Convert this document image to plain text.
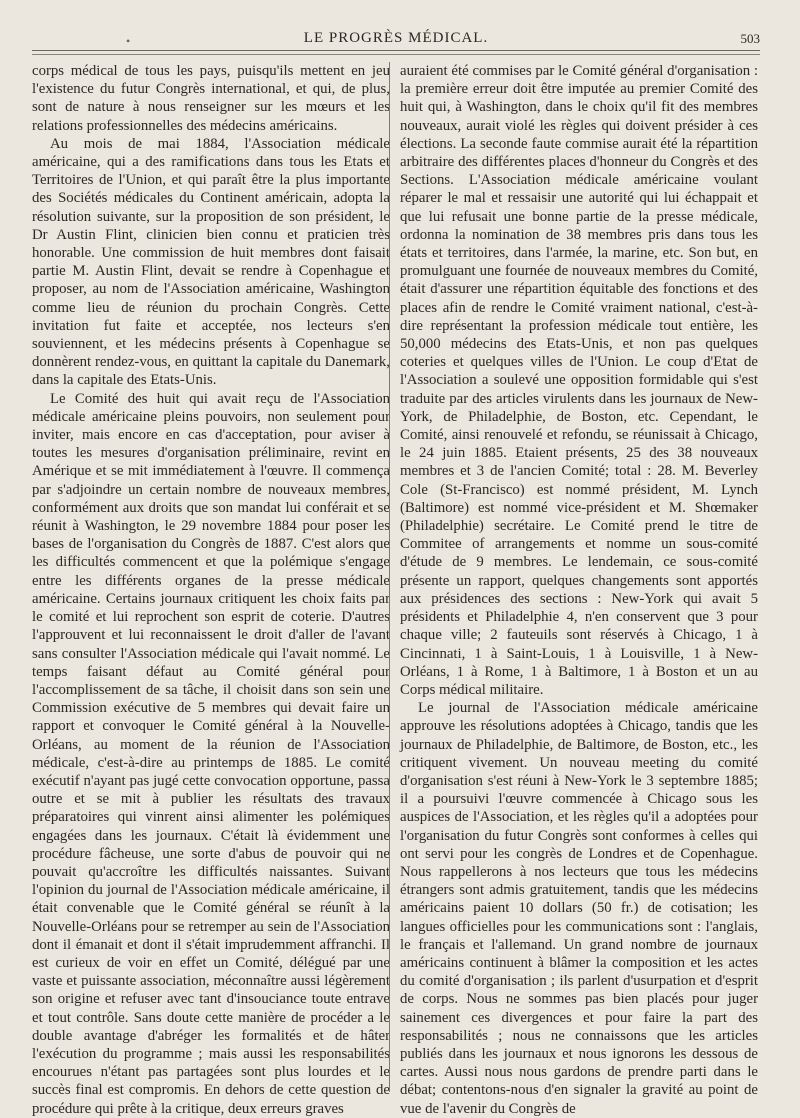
•	LE PROGRÈS MÉDICAL.	503

corps médical de tous les pays, puisqu'ils mettent en jeu l'existence du futur Congrès international, et qui, de plus, sont de nature à nous renseigner sur les mœurs et les relations professionnelles des médecins américains.

Au mois de mai 1884, l'Association médicale américaine, qui a des ramifications dans tous les Etats et Territoires de l'Union, et qui paraît être la plus importante des Sociétés médicales du Continent américain, adopta la résolution suivante, sur la proposition de son président, le Dr Austin Flint, clinicien bien connu et praticien très honorable. Une commission de huit membres dont faisait partie M. Austin Flint, devait se rendre à Copenhague et proposer, au nom de l'Association américaine, Washington comme lieu de réunion du prochain Congrès. Cette invitation fut faite et acceptée, nos lecteurs s'en souviennent, et les médecins présents à Copenhague se donnèrent rendez-vous, en quittant la capitale du Danemark, dans la capitale des Etats-Unis.

Le Comité des huit qui avait reçu de l'Association médicale américaine pleins pouvoirs, non seulement pour inviter, mais encore en cas d'acceptation, pour aviser à toutes les mesures d'organisation préliminaire, revint en Amérique et se mit immédiatement à l'œuvre. Il commença par s'adjoindre un certain nombre de nouveaux membres, conformément aux droits que son mandat lui conférait et se réunit à Washington, le 29 novembre 1884 pour poser les bases de l'organisation du Congrès de 1887. C'est alors que les difficultés commencent et que la polémique s'engage entre les différents organes de la presse médicale américaine. Certains journaux critiquent les choix faits par le comité et lui reprochent son esprit de coterie. D'autres l'approuvent et lui reconnaissent le droit d'aller de l'avant sans consulter l'Association médicale qui l'avait nommé. Le temps faisant défaut au Comité général pour l'accomplissement de sa tâche, il choisit dans son sein une Commission exécutive de 5 membres qui devait faire un rapport et convoquer le Comité général à la Nouvelle-Orléans, au moment de la réunion de l'Association médicale, c'est-à-dire au printemps de 1885. Le comité exécutif n'ayant pas jugé cette convocation opportune, passa outre et se mit à publier les résultats des travaux préparatoires qui vinrent ainsi alimenter les polémiques engagées dans les journaux. C'était là évidemment une procédure fâcheuse, une sorte d'abus de pouvoir qui ne pouvait qu'accroître les difficultés naissantes. Suivant l'opinion du journal de l'Association médicale américaine, il était convenable que le Comité général se réunît à la Nouvelle-Orléans pour se retremper au sein de l'Association dont il émanait et dont il s'était imprudemment affranchi. Il est curieux de voir en effet un Comité, délégué par une vaste et puissante association, méconnaître aussi légèrement son origine et refuser avec tant d'insouciance toute entrave et tout contrôle. Sans doute cette manière de procéder a le double avantage d'abréger les formalités et de hâter l'exécution du programme ; mais aussi les responsabilités encourues n'étant pas partagées sont plus lourdes et le succès final est compromis. En dehors de cette question de procédure qui prête à la critique, deux erreurs graves

auraient été commises par le Comité général d'organisation : la première erreur doit être imputée au premier Comité des huit qui, à Washington, dans le choix qu'il fit des membres nouveaux, aurait violé les règles qui doivent présider à ces élections. La seconde faute commise aurait été la répartition arbitraire des différentes places d'honneur du Congrès et des Sections. L'Association médicale américaine voulant réparer le mal et ressaisir une autorité qui lui échappait et que lui refusait une bonne partie de la presse médicale, ordonna la nomination de 38 membres pris dans tous les états et territoires, dans l'armée, la marine, etc. Son but, en promulguant une fournée de nouveaux membres du Comité, était d'assurer une répartition équitable des fonctions et des places afin de rendre le Comité vraiment national, c'est-à-dire représentant la profession médicale tout entière, les 50,000 médecins des Etats-Unis, et non pas quelques coteries et quelques villes de l'Union. Le coup d'Etat de l'Association a soulevé une opposition formidable qui s'est traduite par des articles virulents dans les journaux de New-York, de Philadelphie, de Boston, etc. Cependant, le Comité, ainsi renouvelé et refondu, se réunissait à Chicago, le 24 juin 1885. Etaient présents, 25 des 38 nouveaux membres et 3 de l'ancien Comité; total : 28. M. Beverley Cole (St-Francisco) est nommé président, M. Lynch (Baltimore) est nommé vice-président et M. Shœmaker (Philadelphie) secrétaire. Le Comité prend le titre de Commitee of arrangements et nomme un sous-comité d'étude de 9 membres. Le lendemain, ce sous-comité présente un rapport, quelques changements sont apportés aux présidences des sections : New-York qui avait 5 présidents et Philadelphie 4, n'en conservent que 3 pour chaque ville; 2 fauteuils sont réservés à Chicago, 1 à Cincinnati, 1 à Saint-Louis, 1 à Louisville, 1 à New-Orléans, 1 à Rome, 1 à Baltimore, 1 à Boston et un au Corps médical militaire.

Le journal de l'Association médicale américaine approuve les résolutions adoptées à Chicago, tandis que les journaux de Philadelphie, de Baltimore, de Boston, etc., les critiquent vivement. Un nouveau meeting du comité d'organisation s'est réuni à New-York le 3 septembre 1885; il a poursuivi l'œuvre commencée à Chicago sous les auspices de l'Association, et les règles qu'il a adoptées pour l'organisation du futur Congrès sont conformes à celles qui ont servi pour les congrès de Londres et de Copenhague. Nous rappellerons à nos lecteurs que tous les médecins étrangers sont admis gratuitement, tandis que les médecins américains paient 10 dollars (50 fr.) de cotisation; les langues officielles pour les communications sont : l'anglais, le français et l'allemand. Un grand nombre de journaux américains continuent à blâmer la composition et les actes du comité d'organisation ; ils parlent d'usurpation et d'esprit de corps. Nous ne sommes pas bien placés pour juger sainement ces divergences et pour faire la part des responsabilités ; nous ne connaissons que les articles publiés dans les journaux et nous ignorons les dessous de cartes. Aussi nous nous gardons de prendre parti dans le débat; contentons-nous d'en signaler la gravité au point de vue de l'avenir du Congrès de
